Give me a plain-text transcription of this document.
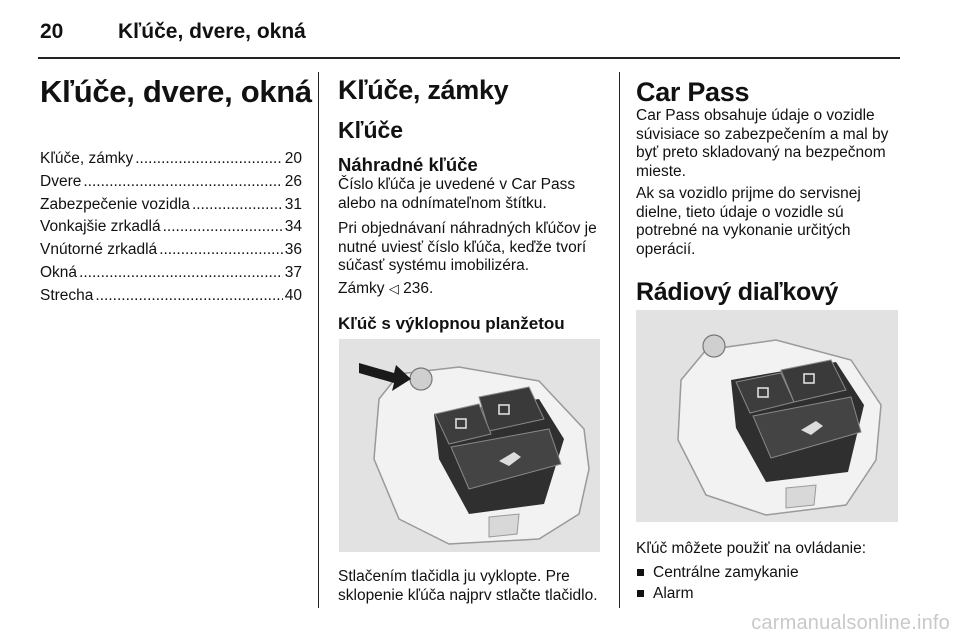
20	Kľúče, dvere, okná
Kľúče, dvere, okná
Kľúče, zámky .....	20
Dvere .....	26
Zabezpečenie vozidla .....	31
Vonkajšie zrkadlá .....	34
Vnútorné zrkadlá .....	36
Okná .....	37
Strecha .....	40
Kľúče, zámky
Kľúče
Náhradné kľúče

Číslo kľúča je uvedené v Car Pass alebo na odnímateľnom štítku.

Pri objednávaní náhradných kľúčov je nutné uviesť číslo kľúča, keďže tvorí súčasť systému imobilizéra.

Zámky ◁ 236.

Kľúč s výklopnou planžetou

Stlačením tlačidla ju vyklopte. Pre sklopenie kľúča najprv stlačte tlačidlo.

Car Pass

Car Pass obsahuje údaje o vozidle súvisiace so zabezpečením a mal by byť preto skladovaný na bezpečnom mieste.

Ak sa vozidlo prijme do servisnej dielne, tieto údaje o vozidle sú potrebné na vykonanie určitých operácií.

Rádiový diaľkový

Kľúč môžete použiť na ovládanie:

Centrálne zamykanie
Alarm
carmanualsonline.info
